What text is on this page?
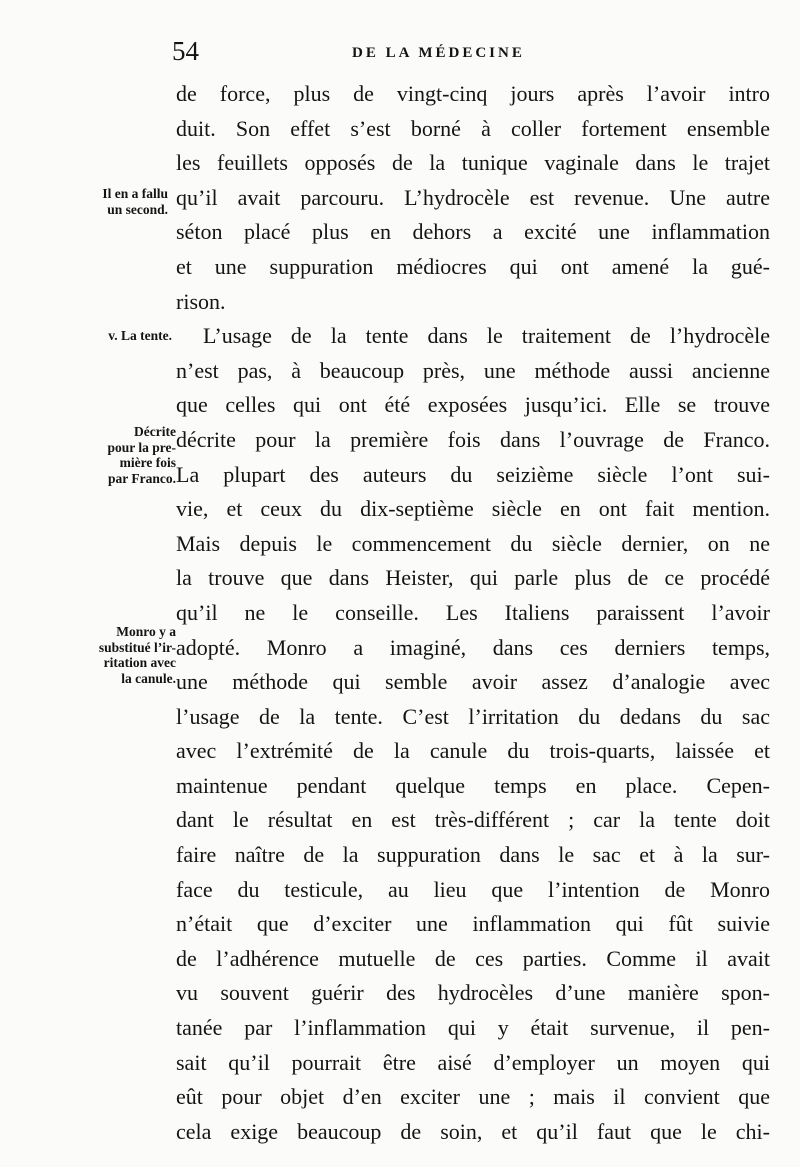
54	DE LA MÉDECINE
de force, plus de vingt-cinq jours après l’avoir intro
duit. Son effet s’est borné à coller fortement ensemble
les feuillets opposés de la tunique vaginale dans le trajet
qu’il avait parcouru. L’hydrocèle est revenue. Une autre
séton placé plus en dehors a excité une inflammation
et une suppuration médiocres qui ont amené la gué-
rison.
L’usage de la tente dans le traitement de l’hydrocèle
n’est pas, à beaucoup près, une méthode aussi ancienne
que celles qui ont été exposées jusqu’ici. Elle se trouve
décrite pour la première fois dans l’ouvrage de Franco.
La plupart des auteurs du seizième siècle l’ont sui-
vie, et ceux du dix-septième siècle en ont fait mention.
Mais depuis le commencement du siècle dernier, on ne
la trouve que dans Heister, qui parle plus de ce procédé
qu’il ne le conseille. Les Italiens paraissent l’avoir
adopté. Monro a imaginé, dans ces derniers temps,
une méthode qui semble avoir assez d’analogie avec
l’usage de la tente. C’est l’irritation du dedans du sac
avec l’extrémité de la canule du trois-quarts, laissée et
maintenue pendant quelque temps en place. Cepen-
dant le résultat en est très-différent ; car la tente doit
faire naître de la suppuration dans le sac et à la sur-
face du testicule, au lieu que l’intention de Monro
n’était que d’exciter une inflammation qui fût suivie
de l’adhérence mutuelle de ces parties. Comme il avait
vu souvent guérir des hydrocèles d’une manière spon-
tanée par l’inflammation qui y était survenue, il pen-
sait qu’il pourrait être aisé d’employer un moyen qui
eût pour objet d’en exciter une ; mais il convient que
cela exige beaucoup de soin, et qu’il faut que le chi-
Il en a fallu
un second.
v. La tente.
Décrite
pour la pre-
mière fois
par Franco.
Monro y a
substitué l’ir-
ritation avec
la canule.
